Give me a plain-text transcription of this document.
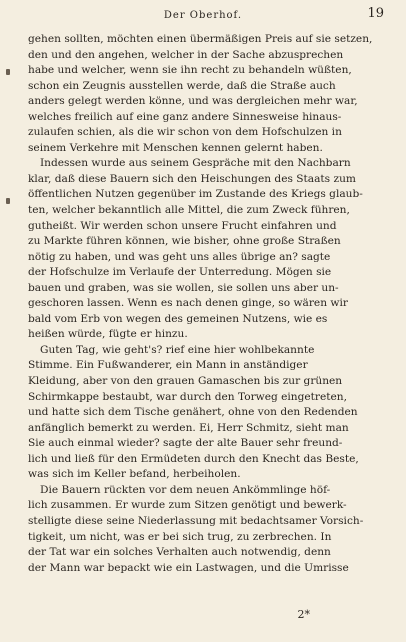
Der Oberhof.	19
gehen sollten, möchten einen übermäßigen Preis auf sie setzen,
den und den angehen, welcher in der Sache abzusprechen
habe und welcher, wenn sie ihn recht zu behandeln wüßten,
schon ein Zeugnis ausstellen werde, daß die Straße auch
anders gelegt werden könne, und was dergleichen mehr war,
welches freilich auf eine ganz andere Sinnesweise hinaus-
zulaufen schien, als die wir schon von dem Hofschulzen in
seinem Verkehre mit Menschen kennen gelernt haben.
Indessen wurde aus seinem Gespräche mit den Nachbarn
klar, daß diese Bauern sich den Heischungen des Staats zum
öffentlichen Nutzen gegenüber im Zustande des Kriegs glaub-
ten, welcher bekanntlich alle Mittel, die zum Zweck führen,
gutheißt. Wir werden schon unsere Frucht einfahren und
zu Markte führen können, wie bisher, ohne große Straßen
nötig zu haben, und was geht uns alles übrige an? sagte
der Hofschulze im Verlaufe der Unterredung. Mögen sie
bauen und graben, was sie wollen, sie sollen uns aber un-
geschoren lassen. Wenn es nach denen ginge, so wären wir
bald vom Erb von wegen des gemeinen Nutzens, wie es
heißen würde, fügte er hinzu.
Guten Tag, wie geht's? rief eine hier wohlbekannte
Stimme. Ein Fußwanderer, ein Mann in anständiger
Kleidung, aber von den grauen Gamaschen bis zur grünen
Schirmkappe bestaubt, war durch den Torweg eingetreten,
und hatte sich dem Tische genähert, ohne von den Redenden
anfänglich bemerkt zu werden. Ei, Herr Schmitz, sieht man
Sie auch einmal wieder? sagte der alte Bauer sehr freund-
lich und ließ für den Ermüdeten durch den Knecht das Beste,
was sich im Keller befand, herbeiholen.
Die Bauern rückten vor dem neuen Ankömmlinge höf-
lich zusammen. Er wurde zum Sitzen genötigt und bewerk-
stelligte diese seine Niederlassung mit bedachtsamer Vorsich-
tigkeit, um nicht, was er bei sich trug, zu zerbrechen. In
der Tat war ein solches Verhalten auch notwendig, denn
der Mann war bepackt wie ein Lastwagen, und die Umrisse
2*
